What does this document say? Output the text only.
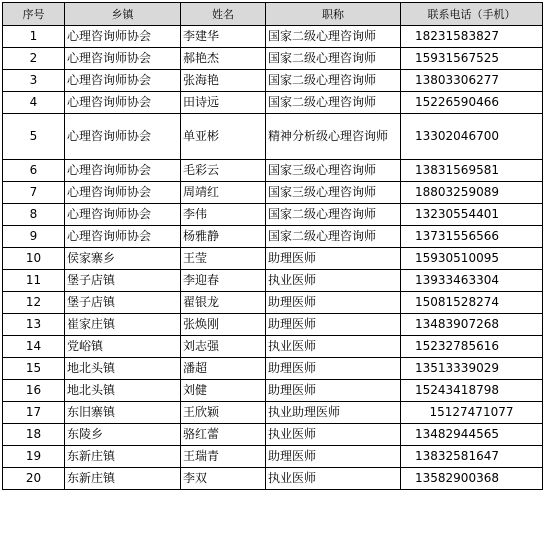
序号	乡镇	姓名	职称	联系电话（手机）
1	心理咨询师协会	李建华	国家二级心理咨询师	18231583827
2	心理咨询师协会	郝艳杰	国家二级心理咨询师	15931567525
3	心理咨询师协会	张海艳	国家二级心理咨询师	13803306277
4	心理咨询师协会	田诗远	国家二级心理咨询师	15226590466
5	心理咨询师协会	单亚彬	精神分析级心理咨询师	13302046700
6	心理咨询师协会	毛彩云	国家三级心理咨询师	13831569581
7	心理咨询师协会	周靖红	国家三级心理咨询师	18803259089
8	心理咨询师协会	李伟	国家二级心理咨询师	13230554401
9	心理咨询师协会	杨雅静	国家二级心理咨询师	13731556566
10	侯家寨乡	王莹	助理医师	15930510095
11	堡子店镇	李迎春	执业医师	13933463304
12	堡子店镇	翟银龙	助理医师	15081528274
13	崔家庄镇	张焕刚	助理医师	13483907268
14	党峪镇	刘志强	执业医师	15232785616
15	地北头镇	潘超	助理医师	13513339029
16	地北头镇	刘健	助理医师	15243418798
17	东旧寨镇	王欣颖	执业助理医师	15127471077
18	东陵乡	骆红蕾	执业医师	13482944565
19	东新庄镇	王瑞青	助理医师	13832581647
20	东新庄镇	李双	执业医师	13582900368
